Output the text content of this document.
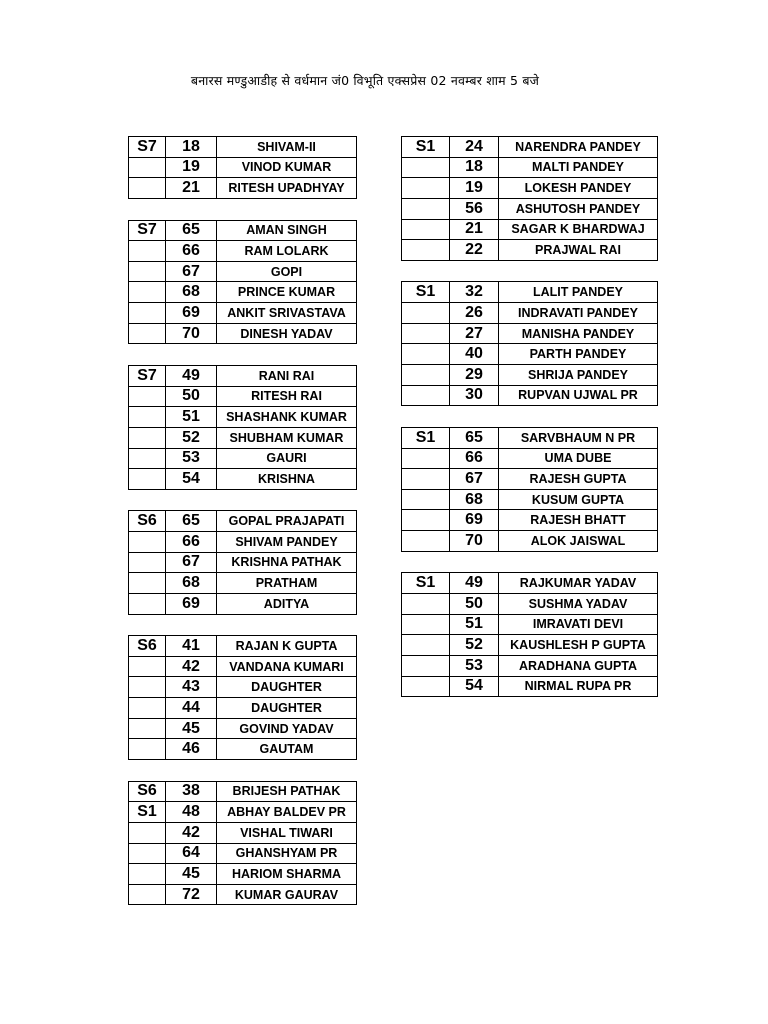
बनारस मण्डुआडीह से वर्धमान जं0 विभूति एक्सप्रेस 02 नवम्बर शाम 5 बजे
S7	18	SHIVAM-II
	19	VINOD KUMAR
	21	RITESH UPADHYAY
S7	65	AMAN SINGH
	66	RAM LOLARK
	67	GOPI
	68	PRINCE KUMAR
	69	ANKIT SRIVASTAVA
	70	DINESH YADAV
S7	49	RANI RAI
	50	RITESH RAI
	51	SHASHANK KUMAR
	52	SHUBHAM KUMAR
	53	GAURI
	54	KRISHNA
S6	65	GOPAL PRAJAPATI
	66	SHIVAM PANDEY
	67	KRISHNA PATHAK
	68	PRATHAM
	69	ADITYA
S6	41	RAJAN K GUPTA
	42	VANDANA KUMARI
	43	DAUGHTER
	44	DAUGHTER
	45	GOVIND YADAV
	46	GAUTAM
S6	38	BRIJESH PATHAK
S1	48	ABHAY BALDEV PR
	42	VISHAL TIWARI
	64	GHANSHYAM PR
	45	HARIOM SHARMA
	72	KUMAR GAURAV
S1	24	NARENDRA PANDEY
	18	MALTI PANDEY
	19	LOKESH PANDEY
	56	ASHUTOSH PANDEY
	21	SAGAR K BHARDWAJ
	22	PRAJWAL RAI
S1	32	LALIT PANDEY
	26	INDRAVATI PANDEY
	27	MANISHA PANDEY
	40	PARTH PANDEY
	29	SHRIJA PANDEY
	30	RUPVAN UJWAL PR
S1	65	SARVBHAUM N PR
	66	UMA DUBE
	67	RAJESH GUPTA
	68	KUSUM GUPTA
	69	RAJESH BHATT
	70	ALOK JAISWAL
S1	49	RAJKUMAR YADAV
	50	SUSHMA YADAV
	51	IMRAVATI DEVI
	52	KAUSHLESH P GUPTA
	53	ARADHANA GUPTA
	54	NIRMAL RUPA PR
